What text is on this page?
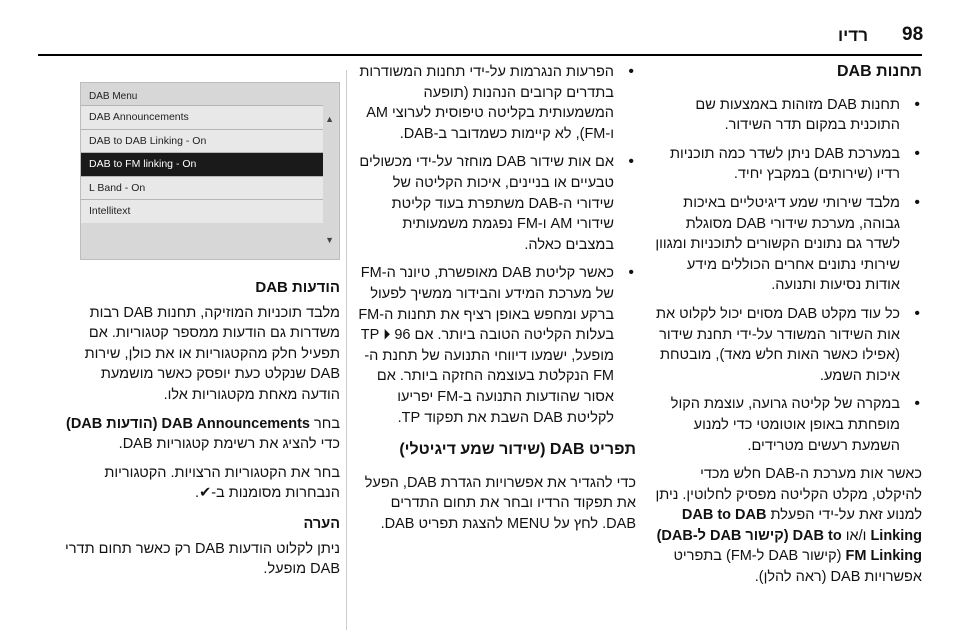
98
רדיו
תחנות DAB
• תחנות DAB מזוהות באמצעות שם התוכנית במקום תדר השידור.
• במערכת DAB ניתן לשדר כמה תוכניות רדיו (שירותים) במקבץ יחיד.
• מלבד שירותי שמע דיגיטליים באיכות גבוהה, מערכת שידורי DAB מסוגלת לשדר גם נתונים הקשורים לתוכניות ומגוון שירותי נתונים אחרים הכוללים מידע אודות נסיעות ותנועה.
• כל עוד מקלט DAB מסוים יכול לקלוט את אות השידור המשודר על-ידי תחנת שידור (אפילו כאשר האות חלש מאד), מובטחת איכות השמע.
• במקרה של קליטה גרועה, עוצמת הקול מופחתת באופן אוטומטי כדי למנוע השמעת רעשים מטרידים.

כאשר אות מערכת ה-DAB חלש מכדי להיקלט, מקלט הקליטה מפסיק לחלוטין. ניתן למנוע זאת על-ידי הפעלת DAB to DAB Linking ו/או DAB to (קישור DAB ל-DAB) FM Linking (קישור DAB ל-FM) בתפריט אפשרויות DAB (ראה להלן).

• הפרעות הנגרמות על-ידי תחנות המשודרות בתדרים קרובים הנהנות (תופעה המשמעותית בקליטה טיפוסית לערוצי AM ו-FM), לא קיימות כשמדובר ב-DAB.
• אם אות שידור DAB מוחזר על-ידי מכשולים טבעיים או בניינים, איכות הקליטה של שידורי ה-DAB משתפרת בעוד קליטת שידורי AM ו-FM נפגמת משמעותית במצבים כאלה.
• כאשר קליטת DAB מאופשרת, טיונר ה-FM של מערכת המידע והבידור ממשיך לפעול ברקע ומחפש באופן רציף את תחנות ה-FM בעלות הקליטה הטובה ביותר. אם TP ⏵ 96 מופעל, ישמעו דיווחי התנועה של תחנת ה-FM הנקלטת בעוצמה החזקה ביותר. אם אסור שהודעות התנועה ב-FM יפריעו לקליטת DAB השבת את תפקוד TP.
תפריט DAB (שידור שמע דיגיטלי)

כדי להגדיר את אפשרויות הגדרת DAB, הפעל את תפקוד הרדיו ובחר את תחום התדרים DAB. לחץ על MENU להצגת תפריט DAB.

DAB Menu
DAB Announcements
DAB to DAB Linking - On
DAB to FM linking - On
L Band - On
Intellitext
▲
▼
הודעות DAB

מלבד תוכניות המוזיקה, תחנות DAB רבות משדרות גם הודעות ממספר קטגוריות. אם תפעיל חלק מהקטגוריות או את כולן, שירות DAB שנקלט כעת יופסק כאשר מושמעת הודעה מאחת מקטגוריות אלו.

בחר DAB Announcements (הודעות DAB) כדי להציג את רשימת קטגוריות DAB.

בחר את הקטגוריות הרצויות. הקטגוריות הנבחרות מסומנות ב-✔.

הערה

ניתן לקלוט הודעות DAB רק כאשר תחום תדרי DAB מופעל.
